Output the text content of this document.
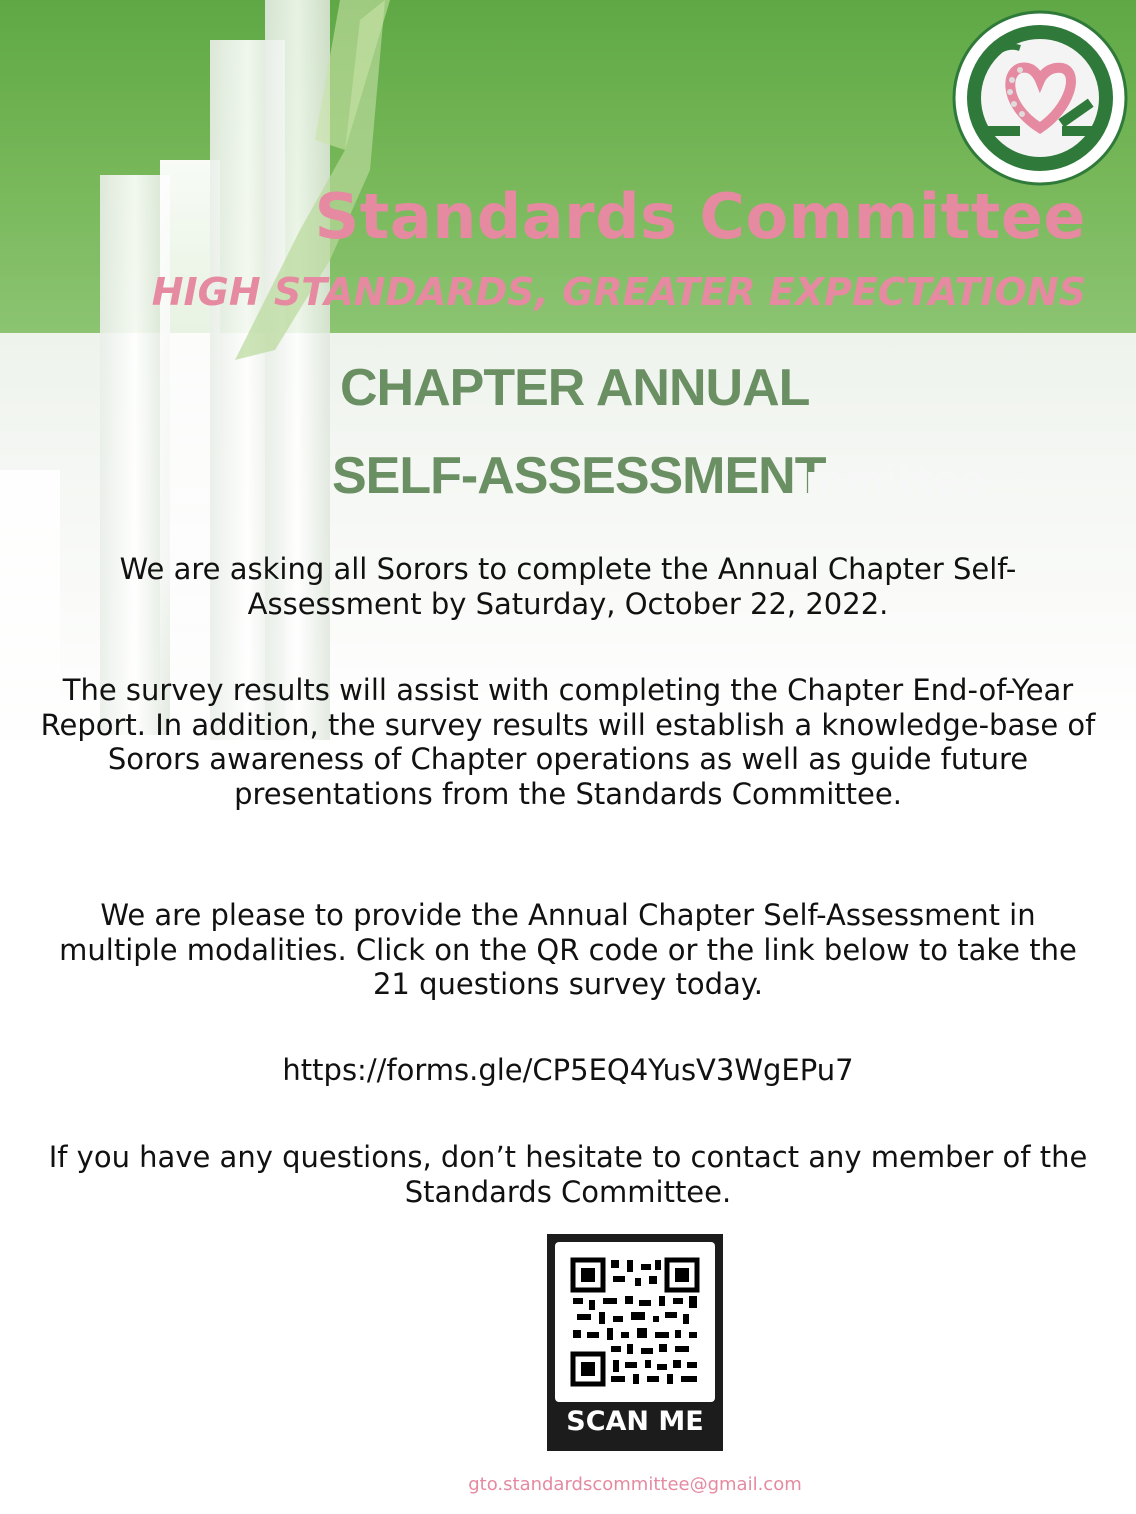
Standards Committee
HIGH STANDARDS, GREATER EXPECTATIONS
CHAPTER ANNUAL
SELF-ASSESSMENT
mmittee
We are asking all Sorors to complete the Annual Chapter Self-Assessment by Saturday, October 22, 2022.
The survey results will assist with completing the Chapter End-of-Year Report. In addition, the survey results will establish a knowledge-base of Sorors awareness of Chapter operations as well as guide future presentations from the Standards Committee.
We are please to provide the Annual Chapter Self-Assessment in multiple modalities. Click on the QR code or the link below to take the 21 questions survey today.
https://forms.gle/CP5EQ4YusV3WgEPu7
If you have any questions, don’t hesitate to contact any member of the Standards Committee.
SCAN ME
gto.standardscommittee@gmail.com
